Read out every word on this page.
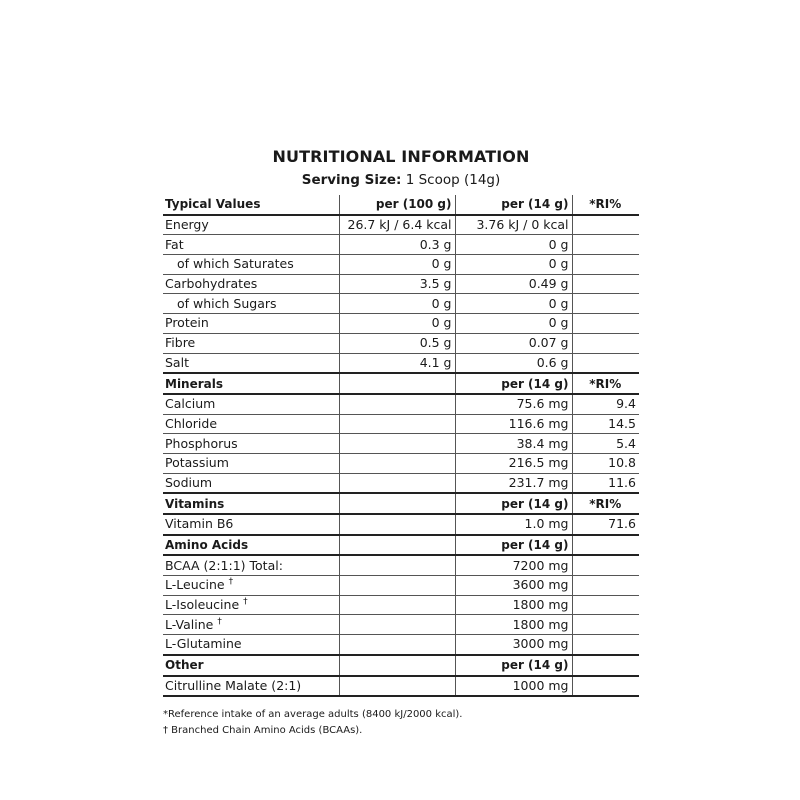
NUTRITIONAL INFORMATION
Serving Size: 1 Scoop (14g)
Typical Values	per (100 g)	per (14 g)	*RI%
Energy	26.7 kJ / 6.4 kcal	3.76 kJ / 0 kcal	
Fat	0.3 g	0 g	
of which Saturates	0 g	0 g	
Carbohydrates	3.5 g	0.49 g	
of which Sugars	0 g	0 g	
Protein	0 g	0 g	
Fibre	0.5 g	0.07 g	
Salt	4.1 g	0.6 g	
Minerals		per (14 g)	*RI%
Calcium		75.6 mg	9.4
Chloride		116.6 mg	14.5
Phosphorus		38.4 mg	5.4
Potassium		216.5 mg	10.8
Sodium		231.7 mg	11.6
Vitamins		per (14 g)	*RI%
Vitamin B6		1.0 mg	71.6
Amino Acids		per (14 g)	
BCAA (2:1:1) Total:		7200 mg	
L-Leucine †		3600 mg	
L-Isoleucine †		1800 mg	
L-Valine †		1800 mg	
L-Glutamine		3000 mg	
Other		per (14 g)	
Citrulline Malate (2:1)		1000 mg	
*Reference intake of an average adults (8400 kJ/2000 kcal).
† Branched Chain Amino Acids (BCAAs).
